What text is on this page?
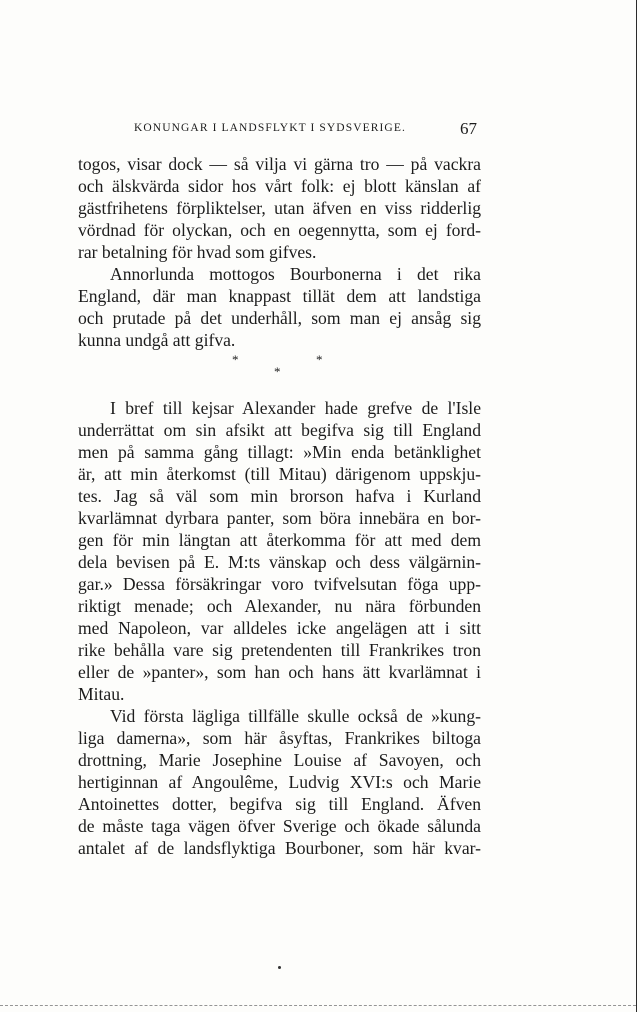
KONUNGAR I LANDSFLYKT I SYDSVERIGE.	67
togos, visar dock — så vilja vi gärna tro — på vackra
och älskvärda sidor hos vårt folk: ej blott känslan af
gästfrihetens förpliktelser, utan äfven en viss ridderlig
vördnad för olyckan, och en oegennytta, som ej ford-
rar betalning för hvad som gifves.
Annorlunda mottogos Bourbonerna i det rika
England, där man knappast tillät dem att landstiga
och prutade på det underhåll, som man ej ansåg sig
kunna undgå att gifva.
*	*
*
I bref till kejsar Alexander hade grefve de l'Isle
underrättat om sin afsikt att begifva sig till England
men på samma gång tillagt: »Min enda betänklighet
är, att min återkomst (till Mitau) därigenom uppskju-
tes. Jag så väl som min brorson hafva i Kurland
kvarlämnat dyrbara panter, som böra innebära en bor-
gen för min längtan att återkomma för att med dem
dela bevisen på E. M:ts vänskap och dess välgärnin-
gar.» Dessa försäkringar voro tvifvelsutan föga upp-
riktigt menade; och Alexander, nu nära förbunden
med Napoleon, var alldeles icke angelägen att i sitt
rike behålla vare sig pretendenten till Frankrikes tron
eller de »panter», som han och hans ätt kvarlämnat i
Mitau.
Vid första lägliga tillfälle skulle också de »kung-
liga damerna», som här åsyftas, Frankrikes biltoga
drottning, Marie Josephine Louise af Savoyen, och
hertiginnan af Angoulême, Ludvig XVI:s och Marie
Antoinettes dotter, begifva sig till England. Äfven
de måste taga vägen öfver Sverige och ökade sålunda
antalet af de landsflyktiga Bourboner, som här kvar-
